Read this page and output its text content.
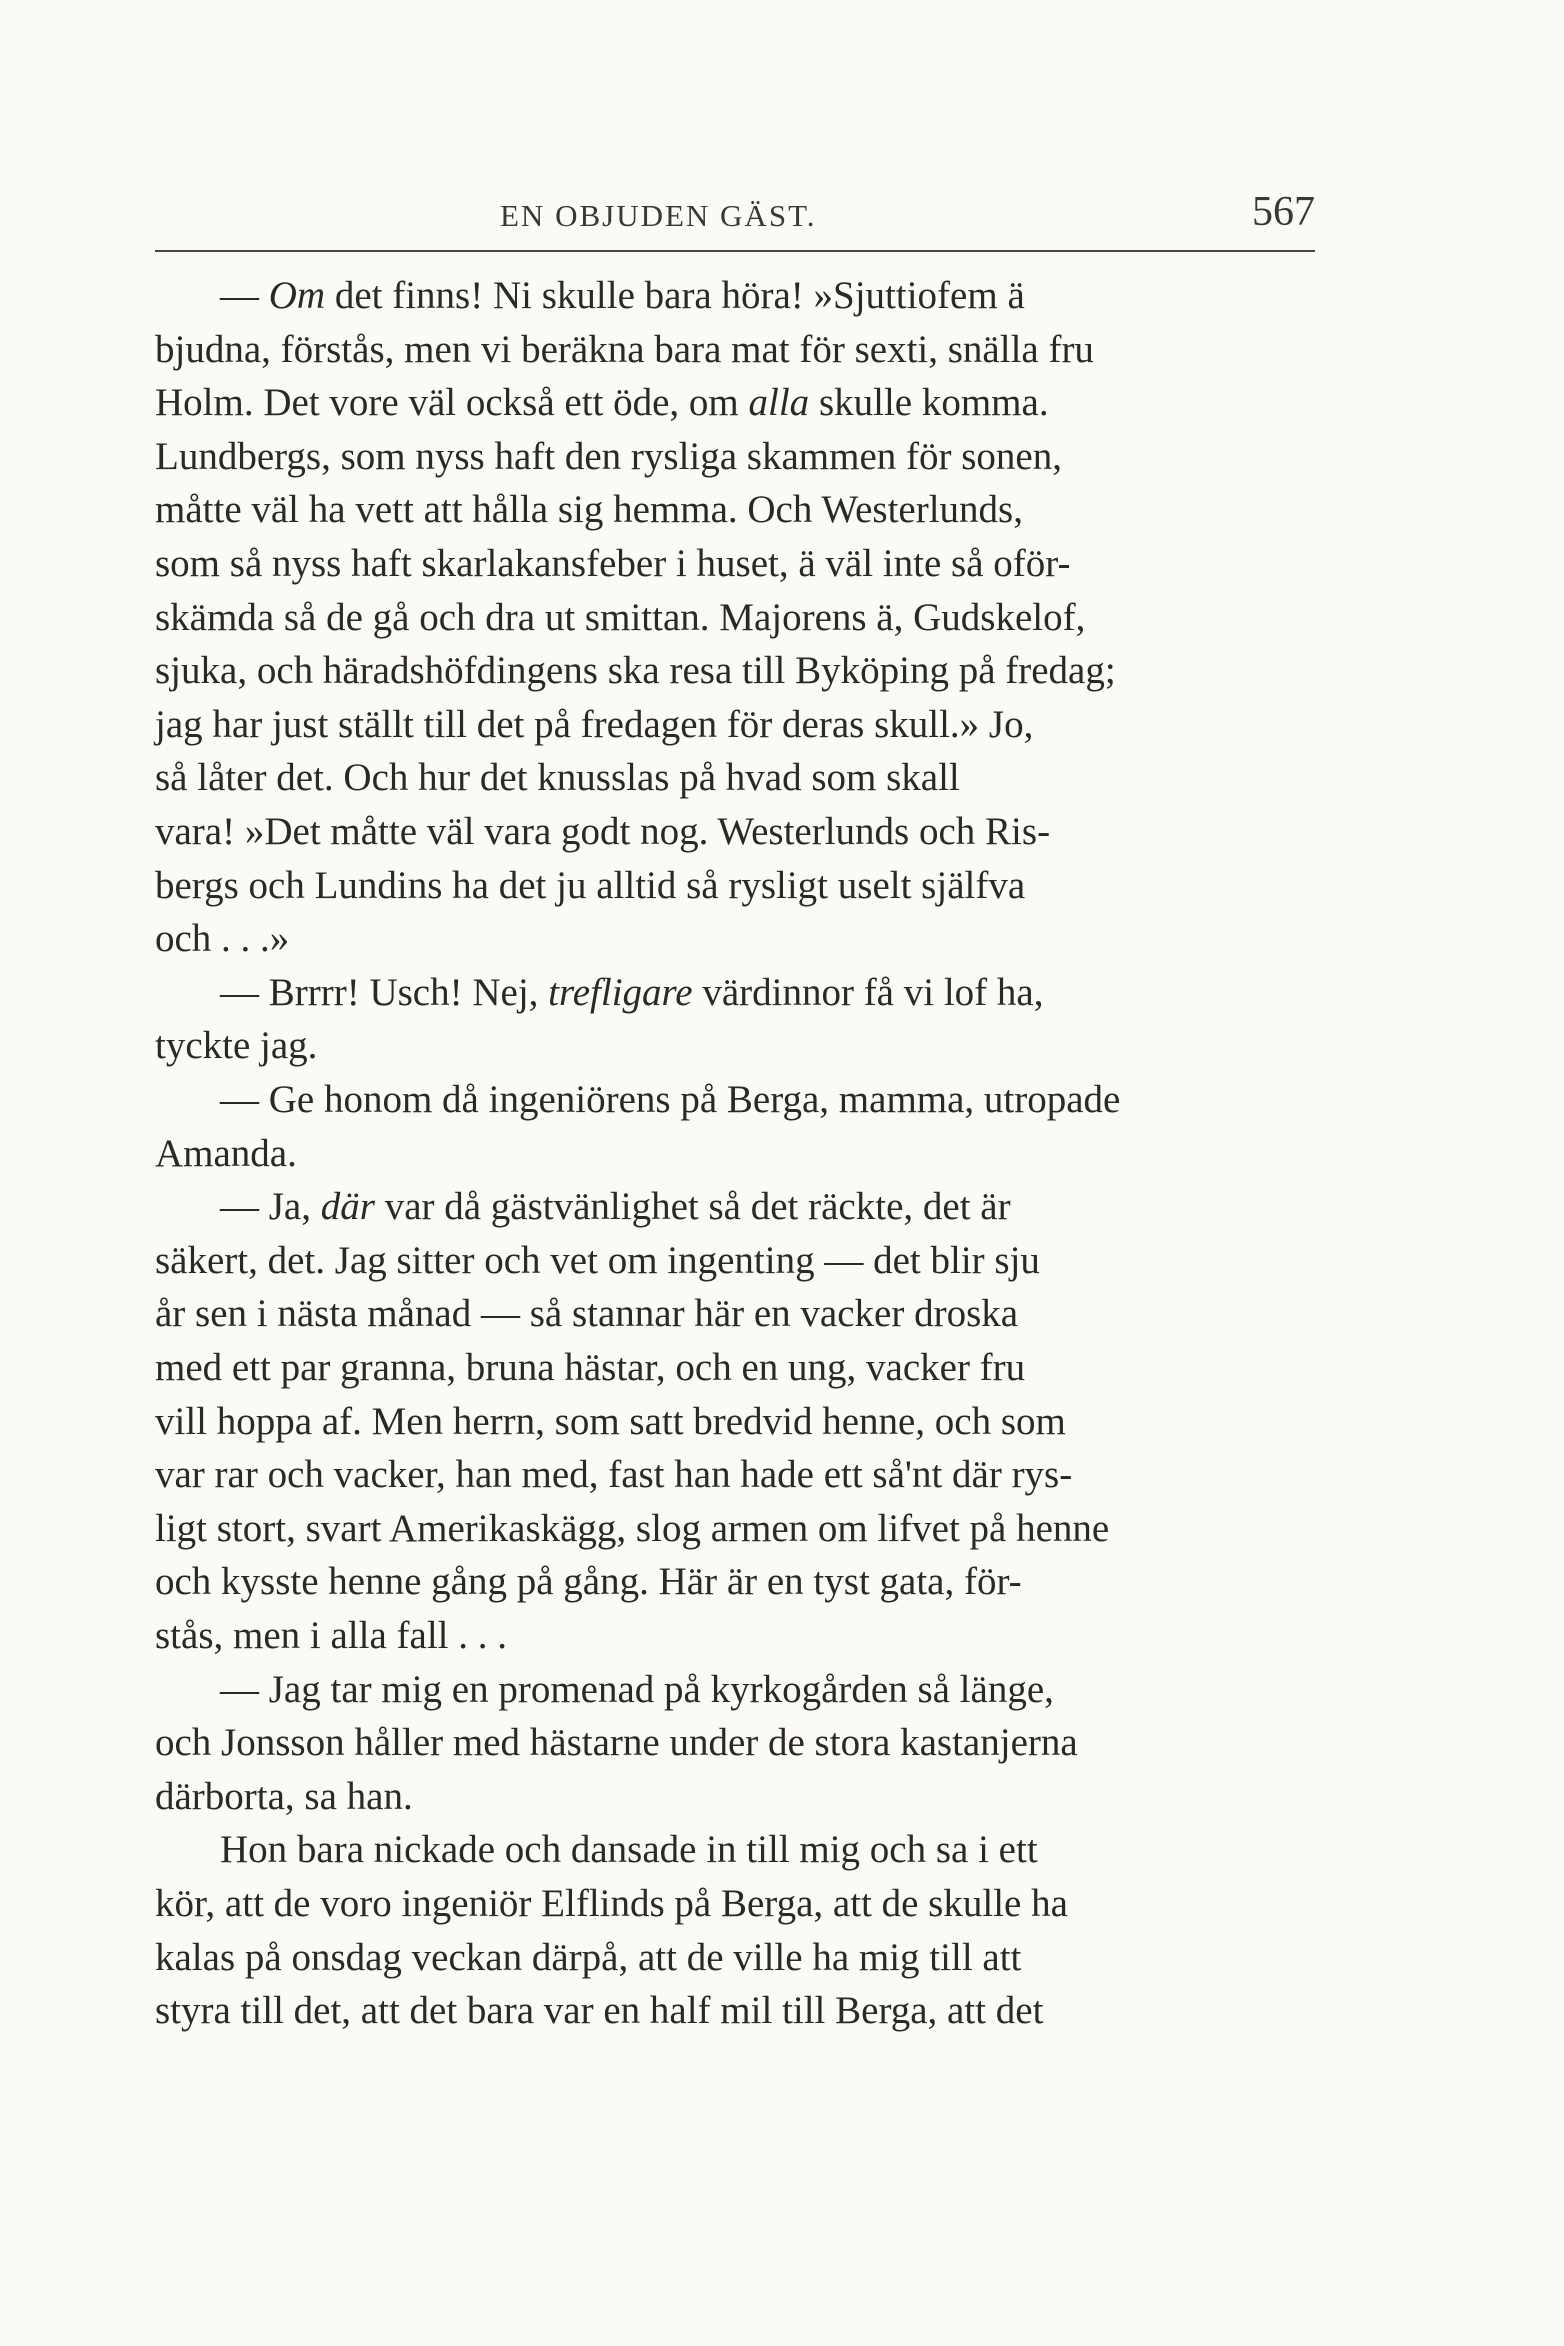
EN OBJUDEN GÄST.	567
— Om det finns! Ni skulle bara höra! »Sjuttiofem ä
bjudna, förstås, men vi beräkna bara mat för sexti, snälla fru
Holm. Det vore väl också ett öde, om alla skulle komma.
Lundbergs, som nyss haft den rysliga skammen för sonen,
måtte väl ha vett att hålla sig hemma. Och Westerlunds,
som så nyss haft skarlakansfeber i huset, ä väl inte så oför-
skämda så de gå och dra ut smittan. Majorens ä, Gudskelof,
sjuka, och häradshöfdingens ska resa till Byköping på fredag;
jag har just ställt till det på fredagen för deras skull.» Jo,
så låter det. Och hur det knusslas på hvad som skall
vara! »Det måtte väl vara godt nog. Westerlunds och Ris-
bergs och Lundins ha det ju alltid så rysligt uselt själfva
och . . .»
— Brrrr! Usch! Nej, trefligare värdinnor få vi lof ha,
tyckte jag.
— Ge honom då ingeniörens på Berga, mamma, utropade
Amanda.
— Ja, där var då gästvänlighet så det räckte, det är
säkert, det. Jag sitter och vet om ingenting — det blir sju
år sen i nästa månad — så stannar här en vacker droska
med ett par granna, bruna hästar, och en ung, vacker fru
vill hoppa af. Men herrn, som satt bredvid henne, och som
var rar och vacker, han med, fast han hade ett så'nt där rys-
ligt stort, svart Amerikaskägg, slog armen om lifvet på henne
och kysste henne gång på gång. Här är en tyst gata, för-
stås, men i alla fall . . .
— Jag tar mig en promenad på kyrkogården så länge,
och Jonsson håller med hästarne under de stora kastanjerna
därborta, sa han.
Hon bara nickade och dansade in till mig och sa i ett
kör, att de voro ingeniör Elflinds på Berga, att de skulle ha
kalas på onsdag veckan därpå, att de ville ha mig till att
styra till det, att det bara var en half mil till Berga, att det
